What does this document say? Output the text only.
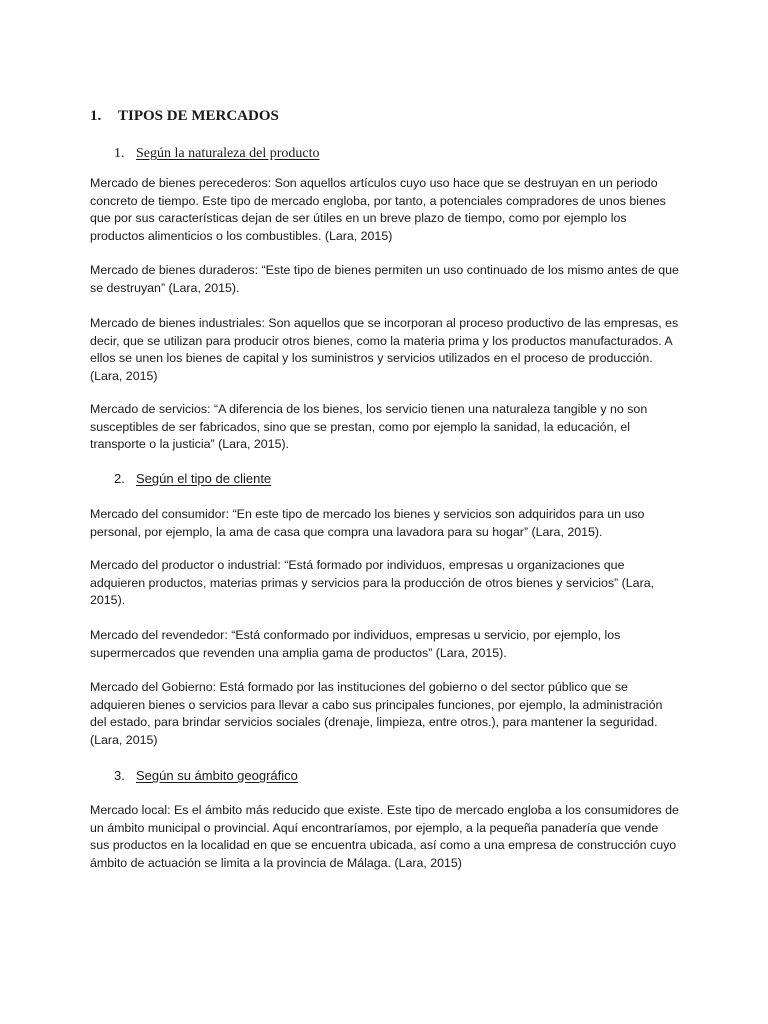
1. TIPOS DE MERCADOS
1. Según la naturaleza del producto

Mercado de bienes perecederos: Son aquellos artículos cuyo uso hace que se destruyan en un periodo concreto de tiempo. Este tipo de mercado engloba, por tanto, a potenciales compradores de unos bienes que por sus características dejan de ser útiles en un breve plazo de tiempo, como por ejemplo los productos alimenticios o los combustibles. (Lara, 2015)

Mercado de bienes duraderos: “Este tipo de bienes permiten un uso continuado de los mismo antes de que se destruyan” (Lara, 2015).

Mercado de bienes industriales: Son aquellos que se incorporan al proceso productivo de las empresas, es decir, que se utilizan para producir otros bienes, como la materia prima y los productos manufacturados. A ellos se unen los bienes de capital y los suministros y servicios utilizados en el proceso de producción. (Lara, 2015)

Mercado de servicios: “A diferencia de los bienes, los servicio tienen una naturaleza tangible y no son susceptibles de ser fabricados, sino que se prestan, como por ejemplo la sanidad, la educación, el transporte o la justicia” (Lara, 2015).

2. Según el tipo de cliente

Mercado del consumidor: “En este tipo de mercado los bienes y servicios son adquiridos para un uso personal, por ejemplo, la ama de casa que compra una lavadora para su hogar” (Lara, 2015).

Mercado del productor o industrial: “Está formado por individuos, empresas u organizaciones que adquieren productos, materias primas y servicios para la producción de otros bienes y servicios” (Lara, 2015).

Mercado del revendedor: “Está conformado por individuos, empresas u servicio, por ejemplo, los supermercados que revenden una amplia gama de productos” (Lara, 2015).

Mercado del Gobierno: Está formado por las instituciones del gobierno o del sector público que se adquieren bienes o servicios para llevar a cabo sus principales funciones, por ejemplo, la administración del estado, para brindar servicios sociales (drenaje, limpieza, entre otros.), para mantener la seguridad. (Lara, 2015)

3. Según su ámbito geográfico

Mercado local: Es el ámbito más reducido que existe. Este tipo de mercado engloba a los consumidores de un ámbito municipal o provincial. Aquí encontraríamos, por ejemplo, a la pequeña panadería que vende sus productos en la localidad en que se encuentra ubicada, así como a una empresa de construcción cuyo ámbito de actuación se limita a la provincia de Málaga. (Lara, 2015)
